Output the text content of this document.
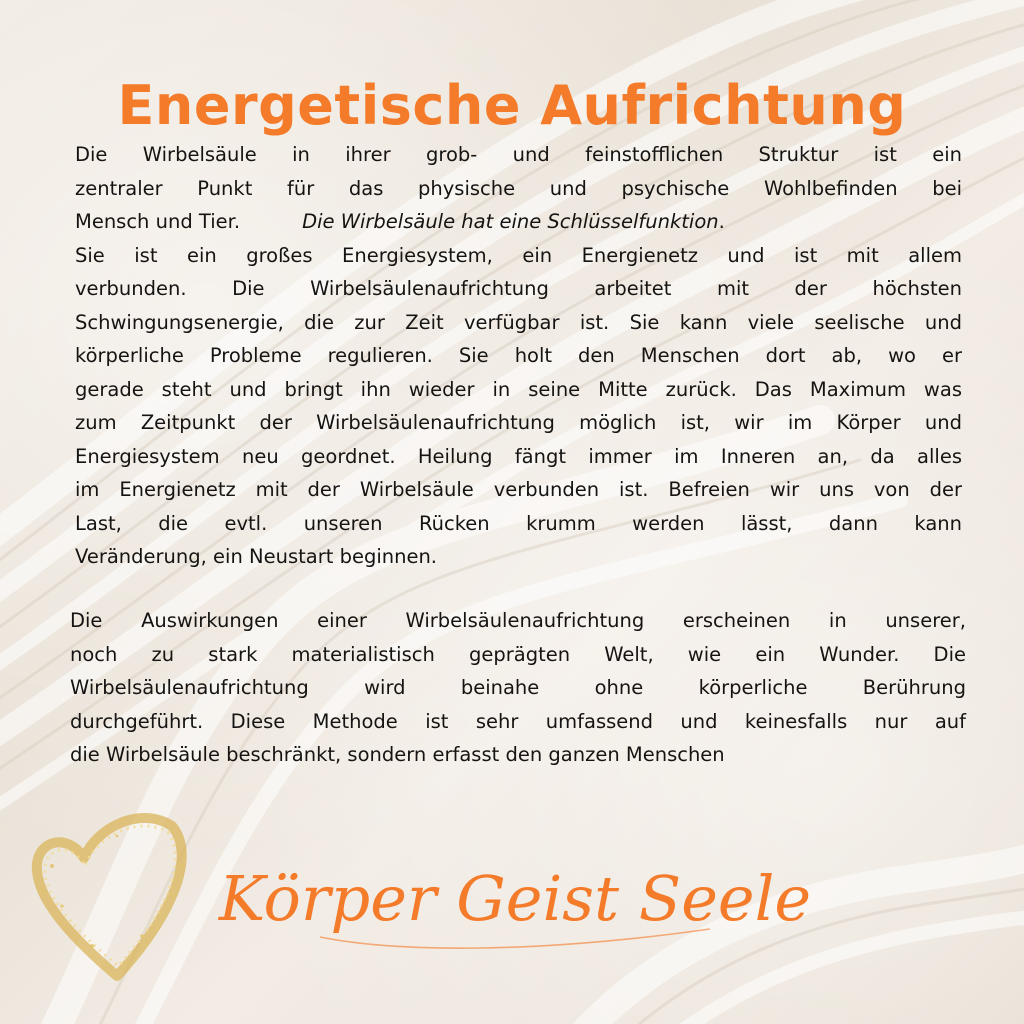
Energetische Aufrichtung
Die Wirbelsäule in ihrer grob- und feinstofflichen Struktur ist ein
zentraler Punkt für das physische und psychische Wohlbefinden bei
Mensch und Tier.	Die Wirbelsäule hat eine Schlüsselfunktion.
Sie ist ein großes Energiesystem, ein Energienetz und ist mit allem
verbunden. Die Wirbelsäulenaufrichtung arbeitet mit der höchsten
Schwingungsenergie, die zur Zeit verfügbar ist. Sie kann viele seelische und
körperliche Probleme regulieren. Sie holt den Menschen dort ab, wo er
gerade steht und bringt ihn wieder in seine Mitte zurück. Das Maximum was
zum Zeitpunkt der Wirbelsäulenaufrichtung möglich ist, wir im Körper und
Energiesystem neu geordnet. Heilung fängt immer im Inneren an, da alles
im Energienetz mit der Wirbelsäule verbunden ist. Befreien wir uns von der
Last, die evtl. unseren Rücken krumm werden lässt, dann kann
Veränderung, ein Neustart beginnen.
Die Auswirkungen einer Wirbelsäulenaufrichtung erscheinen in unserer,
noch zu stark materialistisch geprägten Welt, wie ein Wunder. Die
Wirbelsäulenaufrichtung wird beinahe ohne körperliche Berührung
durchgeführt. Diese Methode ist sehr umfassend und keinesfalls nur auf
die Wirbelsäule beschränkt, sondern erfasst den ganzen Menschen
Körper Geist Seele
